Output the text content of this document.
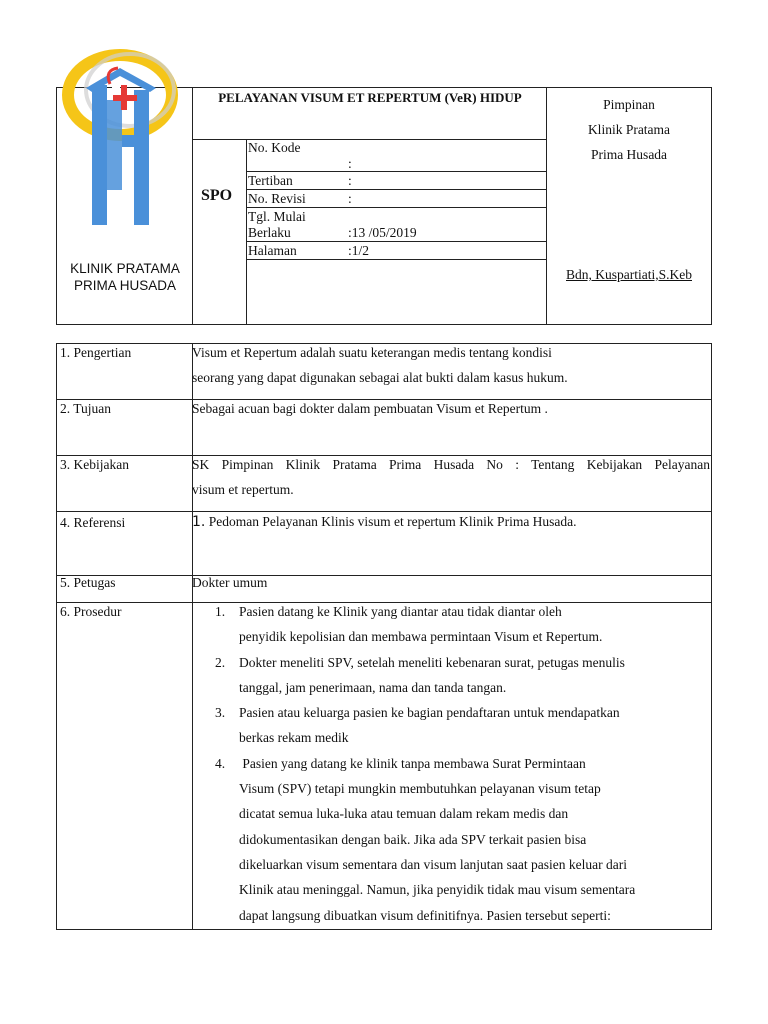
KLINIK PRATAMA PRIMA HUSADA
PELAYANAN VISUM ET REPERTUM (VeR) HIDUP
SPO
No. Kode
:
Tertiban	:
No. Revisi	:
Tgl. Mulai Berlaku	:13 /05/2019
Halaman	:1/2
Pimpinan
Klinik Pratama
Prima Husada
Bdn, Kuspartiati,S.Keb
1. Pengertian	Visum et Repertum adalah suatu keterangan medis tentang kondisi
seorang yang dapat digunakan sebagai alat bukti dalam kasus hukum.
2. Tujuan	Sebagai acuan bagi dokter dalam pembuatan Visum et Repertum .
3. Kebijakan	SK Pimpinan Klinik Pratama Prima Husada No : Tentang Kebijakan Pelayanan
visum et repertum.
4. Referensi	1. Pedoman Pelayanan Klinis visum et repertum Klinik Prima Husada.
5. Petugas	Dokter umum
6. Prosedur	1.	Pasien datang ke Klinik yang diantar atau tidak diantar oleh
penyidik kepolisian dan membawa permintaan Visum et Repertum.
2.	Dokter meneliti SPV, setelah meneliti kebenaran surat, petugas menulis
tanggal, jam penerimaan, nama dan tanda tangan.
3.	Pasien atau keluarga pasien ke bagian pendaftaran untuk mendapatkan
berkas rekam medik
4.	Pasien yang datang ke klinik tanpa membawa Surat Permintaan
Visum (SPV) tetapi mungkin membutuhkan pelayanan visum tetap
dicatat semua luka-luka atau temuan dalam rekam medis dan
didokumentasikan dengan baik. Jika ada SPV terkait pasien bisa
dikeluarkan visum sementara dan visum lanjutan saat pasien keluar dari
Klinik atau meninggal. Namun, jika penyidik tidak mau visum sementara
dapat langsung dibuatkan visum definitifnya. Pasien tersebut seperti:
